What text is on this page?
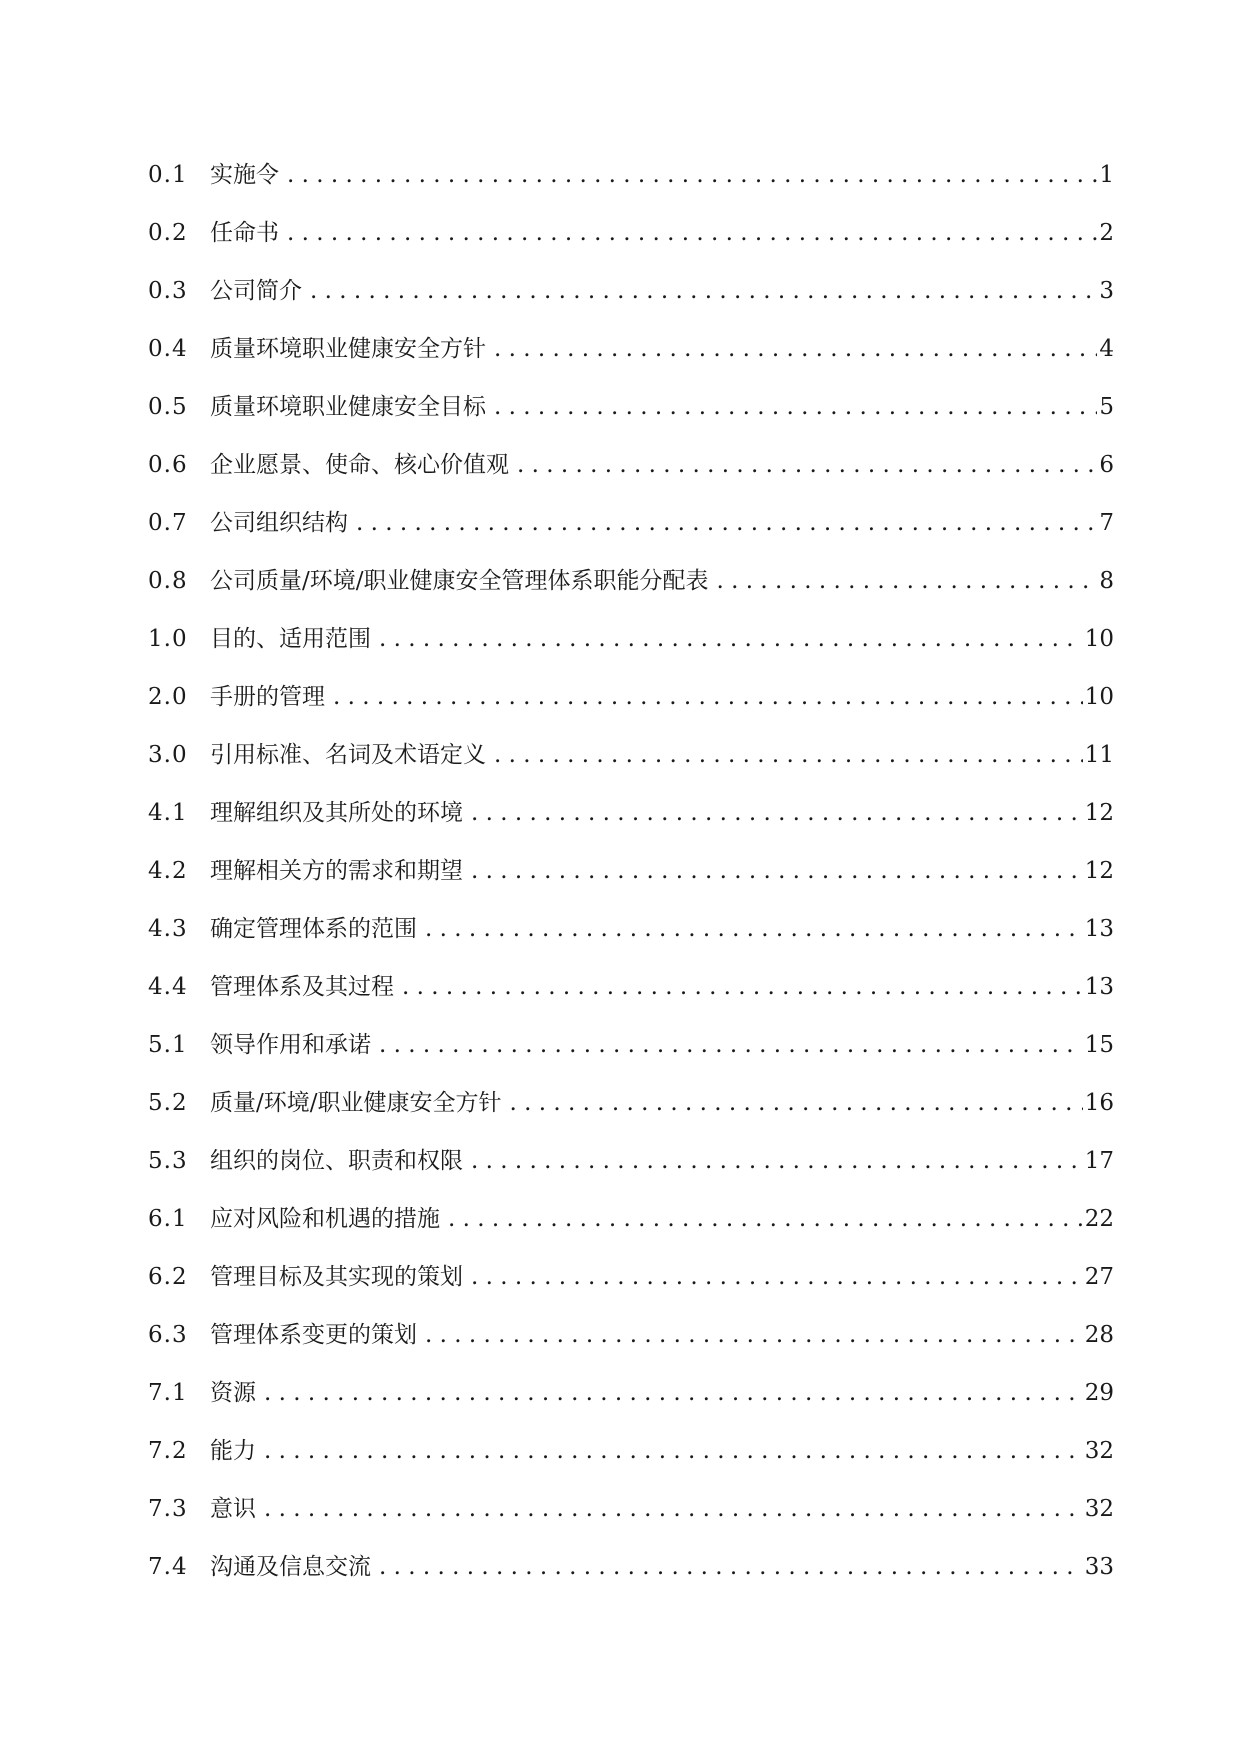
0.1 实施令 . . .	1
0.2 任命书 . . .	2
0.3 公司简介 . . .	3
0.4 质量环境职业健康安全方针 . . .	4
0.5 质量环境职业健康安全目标 . . .	5
0.6 企业愿景、使命、核心价值观 . . .	6
0.7 公司组织结构 . . .	7
0.8 公司质量/环境/职业健康安全管理体系职能分配表 . . .	8
1.0 目的、适用范围 . . .	10
2.0 手册的管理 . . .	10
3.0 引用标准、名词及术语定义 . . .	11
4.1 理解组织及其所处的环境 . . .	12
4.2 理解相关方的需求和期望 . . .	12
4.3 确定管理体系的范围 . . .	13
4.4 管理体系及其过程 . . .	13
5.1 领导作用和承诺 . . .	15
5.2 质量/环境/职业健康安全方针 . . .	16
5.3 组织的岗位、职责和权限 . . .	17
6.1 应对风险和机遇的措施 . . .	22
6.2 管理目标及其实现的策划 . . .	27
6.3 管理体系变更的策划 . . .	28
7.1 资源 . . .	29
7.2 能力 . . .	32
7.3 意识 . . .	32
7.4 沟通及信息交流 . . .	33
